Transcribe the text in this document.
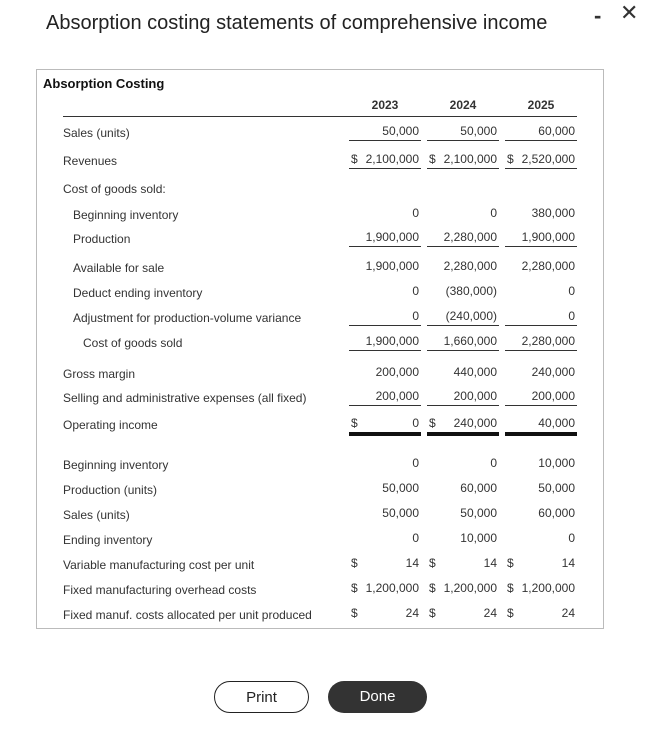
Absorption costing statements of comprehensive income - ✕
Absorption Costing
2023	2024	2025
Sales (units)	50,000	50,000	60,000
Revenues	$ 2,100,000 $ 2,100,000 $ 2,520,000
Cost of goods sold:
Beginning inventory	0	0	380,000
Production	1,900,000 2,280,000 1,900,000
Available for sale	1,900,000 2,280,000 2,280,000
Deduct ending inventory	0 (380,000)	0
Adjustment for production-volume variance	0 (240,000)	0
Cost of goods sold	1,900,000 1,660,000 2,280,000
Gross margin	200,000	440,000	240,000
Selling and administrative expenses (all fixed)	200,000	200,000	200,000
Operating income	$	0 $ 240,000	40,000
Beginning inventory	0	0	10,000
Production (units)	50,000	60,000	50,000
Sales (units)	50,000	50,000	60,000
Ending inventory	0	10,000	0
Variable manufacturing cost per unit	$	14 $	14 $	14
Fixed manufacturing overhead costs	$ 1,200,000 $ 1,200,000 $ 1,200,000
Fixed manuf. costs allocated per unit produced	$	24 $	24 $	24
Print	Done
